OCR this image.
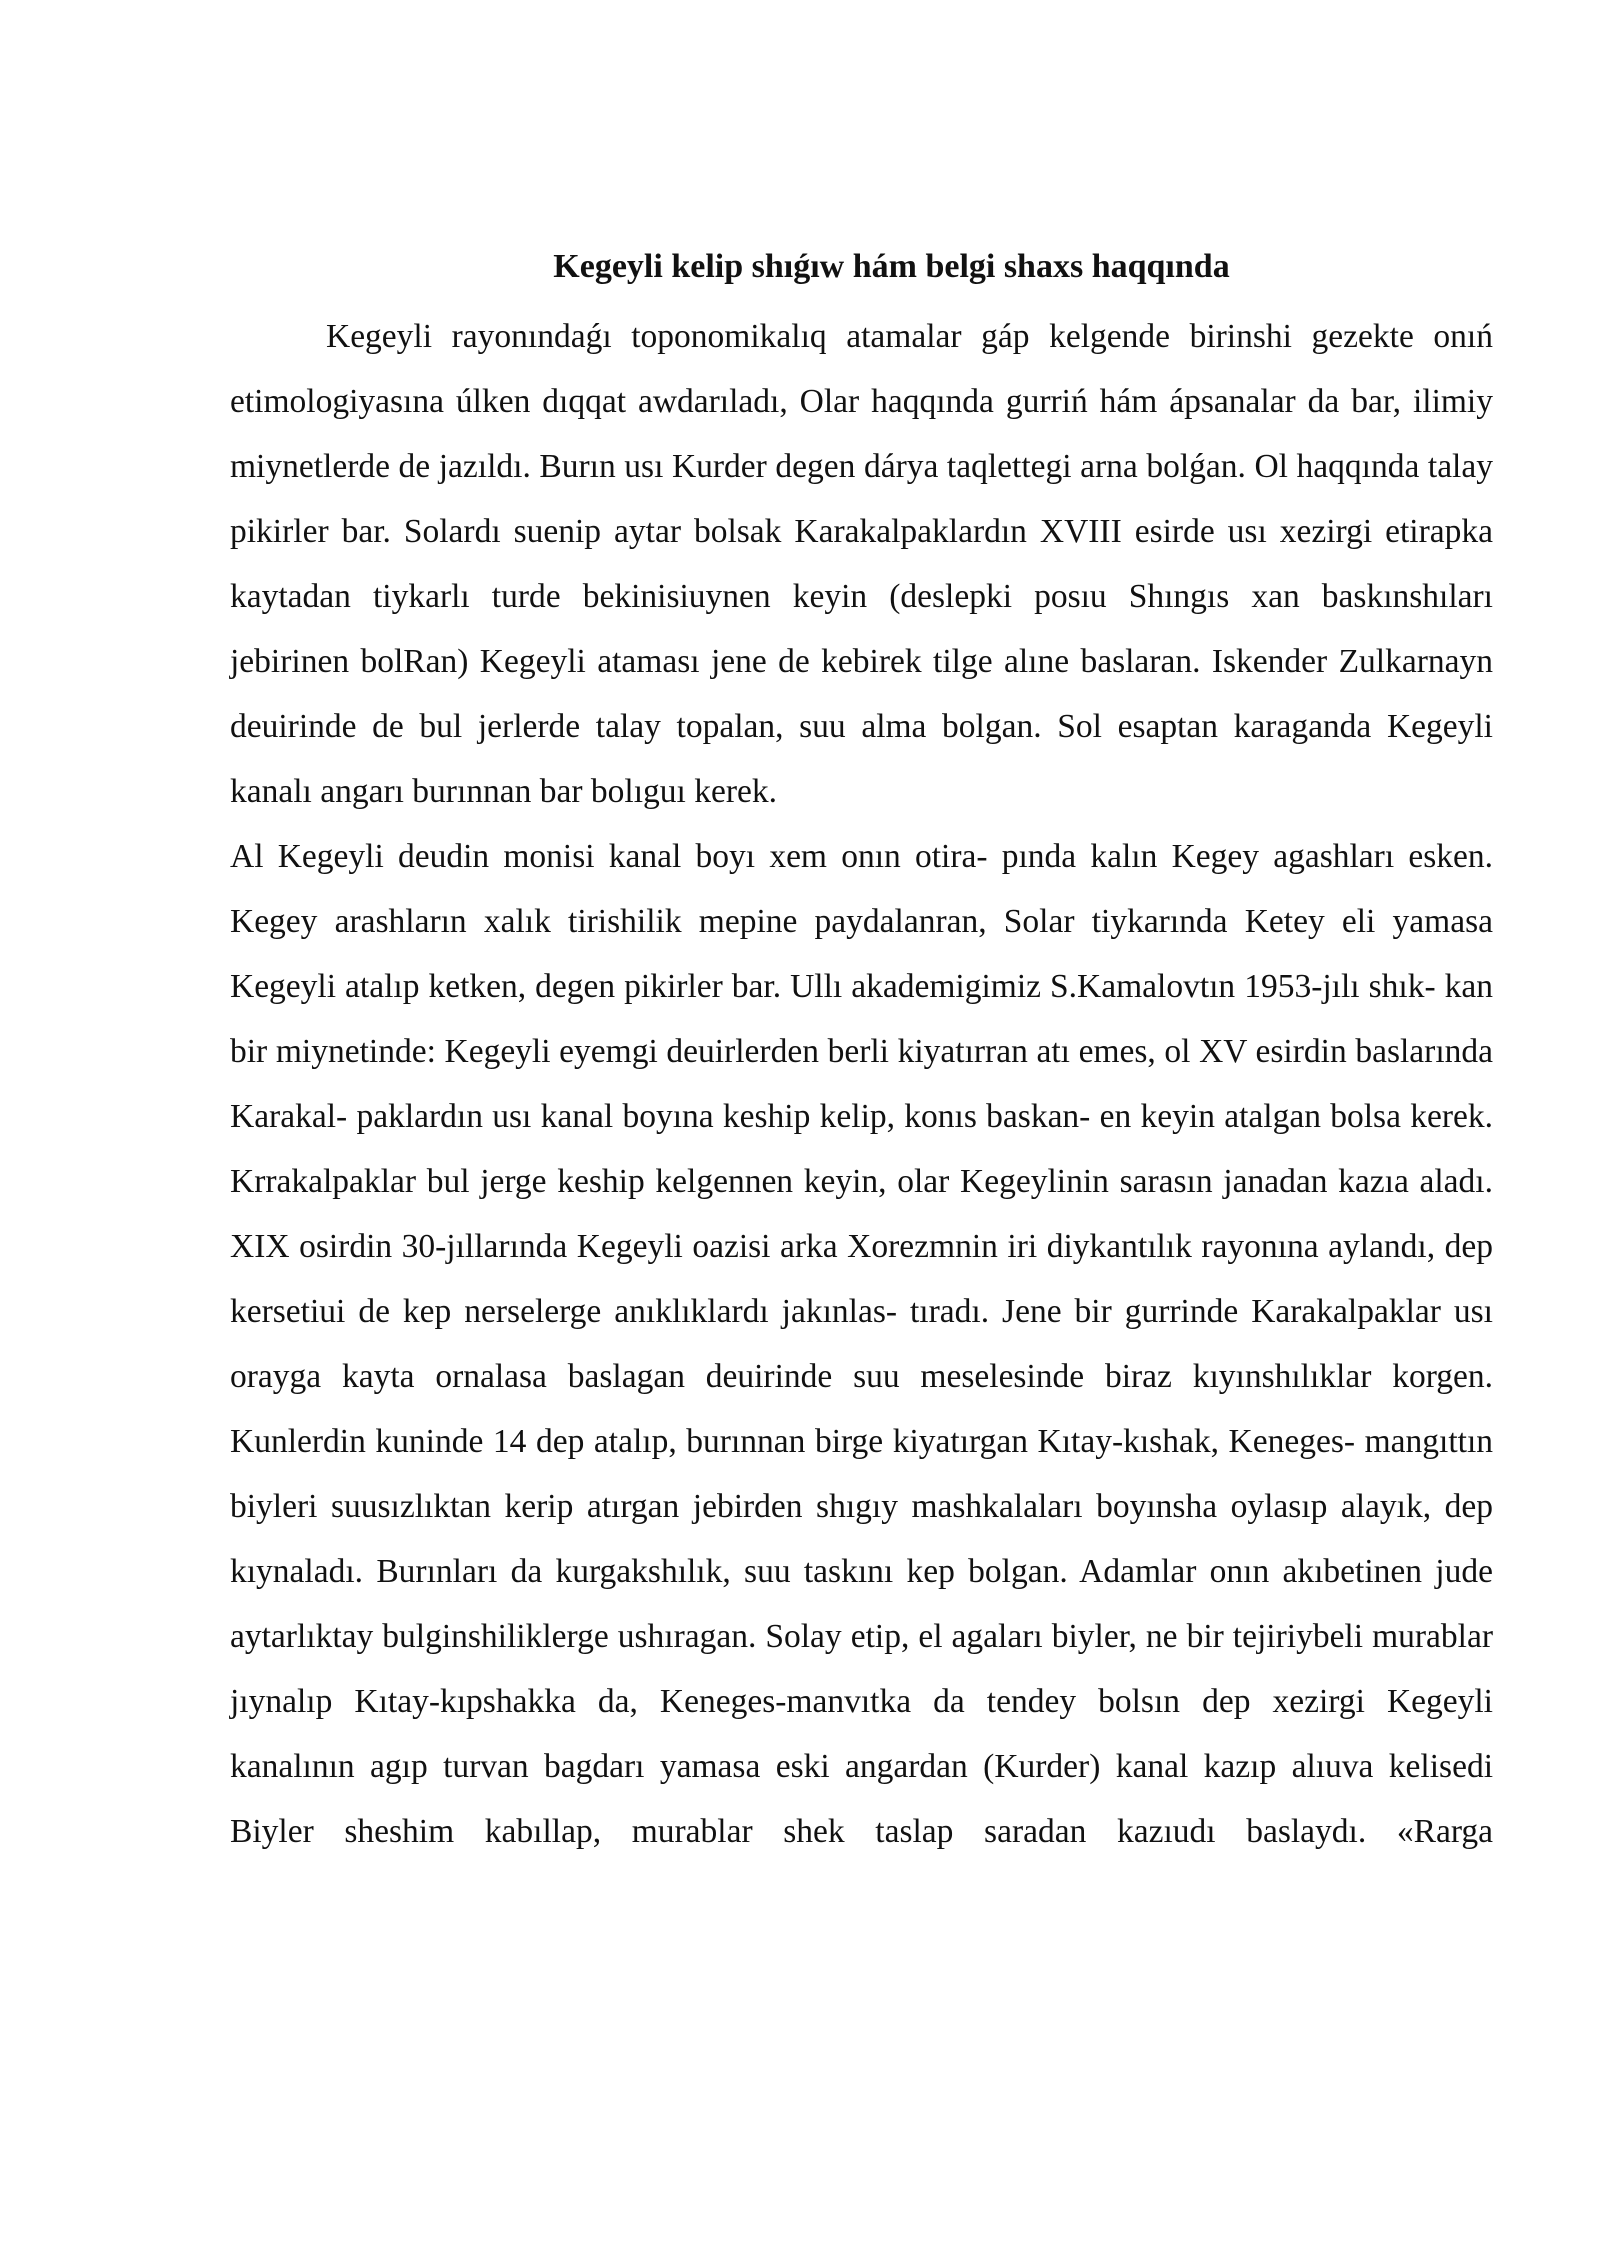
Kegeyli kelip shıǵıw hám belgi shaxs haqqında

Kegeyli rayonındaǵı toponomikalıq atamalar gáp kelgende birinshi gezekte onıń etimologiyasına úlken dıqqat awdarıladı, Olar haqqında gurriń hám ápsanalar da bar, ilimiy miynetlerde de jazıldı. Burın usı Kurder degen dárya taqlettegi arna bolǵan. Ol haqqında talay pikirler bar. Solardı suenip aytar bolsak Karakalpaklardın XVIII esirde usı xezirgi etirapka kaytadan tiykarlı turde bekinisiuynen keyin (deslepki posıu Shıngıs xan baskınshıları jebirinen bolRan) Kegeyli ataması jene de kebirek tilge alıne baslaran. Iskender Zulkarnayn deuirinde de bul jerlerde talay topalan, suu alma bolgan. Sol esaptan karaganda Kegeyli kanalı angarı burınnan bar bolıguı kerek.

Al Kegeyli deudin monisi kanal boyı xem onın otira- pında kalın Kegey agashları esken. Kegey arashların xalık tirishilik mepine paydalanran, Solar tiykarında Ketey eli yamasa Kegeyli atalıp ketken, degen pikirler bar. Ullı akademigimiz S.Kamalovtın 1953-jılı shık- kan bir miynetinde: Kegeyli eyemgi deuirlerden berli kiyatırran atı emes, ol XV esirdin baslarında Karakal- paklardın usı kanal boyına keship kelip, konıs baskan- en keyin atalgan bolsa kerek. Krrakalpaklar bul jerge keship kelgennen keyin, olar Kegeylinin sarasın janadan kazıa aladı. XIX osirdin 30-jıllarında Kegeyli oazisi arka Xorezmnin iri diykantılık rayonına aylandı, dep kersetiui de kep nerselerge anıklıklardı jakınlas- tıradı. Jene bir gurrinde Karakalpaklar usı orayga kayta ornalasa baslagan deuirinde suu meselesinde biraz kıyınshılıklar korgen. Kunlerdin kuninde 14 dep atalıp, burınnan birge kiyatırgan Kıtay-kıshak, Keneges- mangıttın biyleri suusızlıktan kerip atırgan jebirden shıgıy mashkalaları boyınsha oylasıp alayık, dep kıynaladı. Burınları da kurgakshılık, suu taskını kep bolgan. Adamlar onın akıbetinen jude aytarlıktay bulginshiliklerge ushıragan. Solay etip, el agaları biyler, ne bir tejiriybeli murablar jıynalıp Kıtay-kıpshakka da, Keneges-manvıtka da tendey bolsın dep xezirgi Kegeyli kanalının agıp turvan bagdarı yamasa eski angardan (Kurder) kanal kazıp alıuva kelisedi Biyler sheshim kabıllap, murablar shek taslap saradan kazıudı baslaydı. «Rarga
